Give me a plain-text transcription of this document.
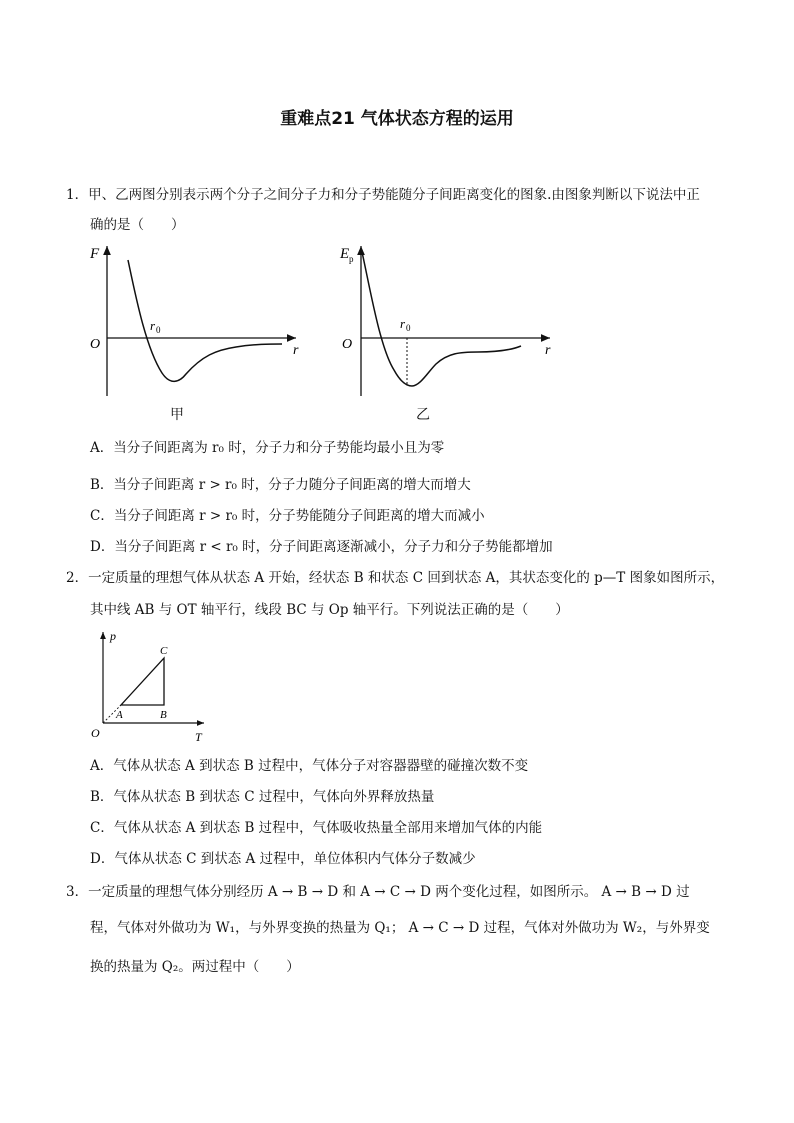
重难点21 气体状态方程的运用
1．甲、乙两图分别表示两个分子之间分子力和分子势能随分子间距离变化的图象.由图象判断以下说法中正
确的是（　　）
F
O	r
r 0
甲
E p
O	r
r 0
乙
A．当分子间距离为 r₀ 时，分子力和分子势能均最小且为零
B．当分子间距离 r > r₀ 时，分子力随分子间距离的增大而增大
C．当分子间距离 r > r₀ 时，分子势能随分子间距离的增大而减小
D．当分子间距离 r < r₀ 时，分子间距离逐渐减小，分子力和分子势能都增加
2．一定质量的理想气体从状态 A 开始，经状态 B 和状态 C 回到状态 A，其状态变化的 p—T 图象如图所示，
其中线 AB 与 OT 轴平行，线段 BC 与 Op 轴平行。下列说法正确的是（　　）
p
T
O
A	B
C
A．气体从状态 A 到状态 B 过程中，气体分子对容器器壁的碰撞次数不变
B．气体从状态 B 到状态 C 过程中，气体向外界释放热量
C．气体从状态 A 到状态 B 过程中，气体吸收热量全部用来增加气体的内能
D．气体从状态 C 到状态 A 过程中，单位体积内气体分子数减少
3．一定质量的理想气体分别经历 A → B → D 和 A → C → D 两个变化过程，如图所示。 A → B → D 过
程，气体对外做功为 W₁，与外界变换的热量为 Q₁； A → C → D 过程，气体对外做功为 W₂，与外界变
换的热量为 Q₂。两过程中（　　）
